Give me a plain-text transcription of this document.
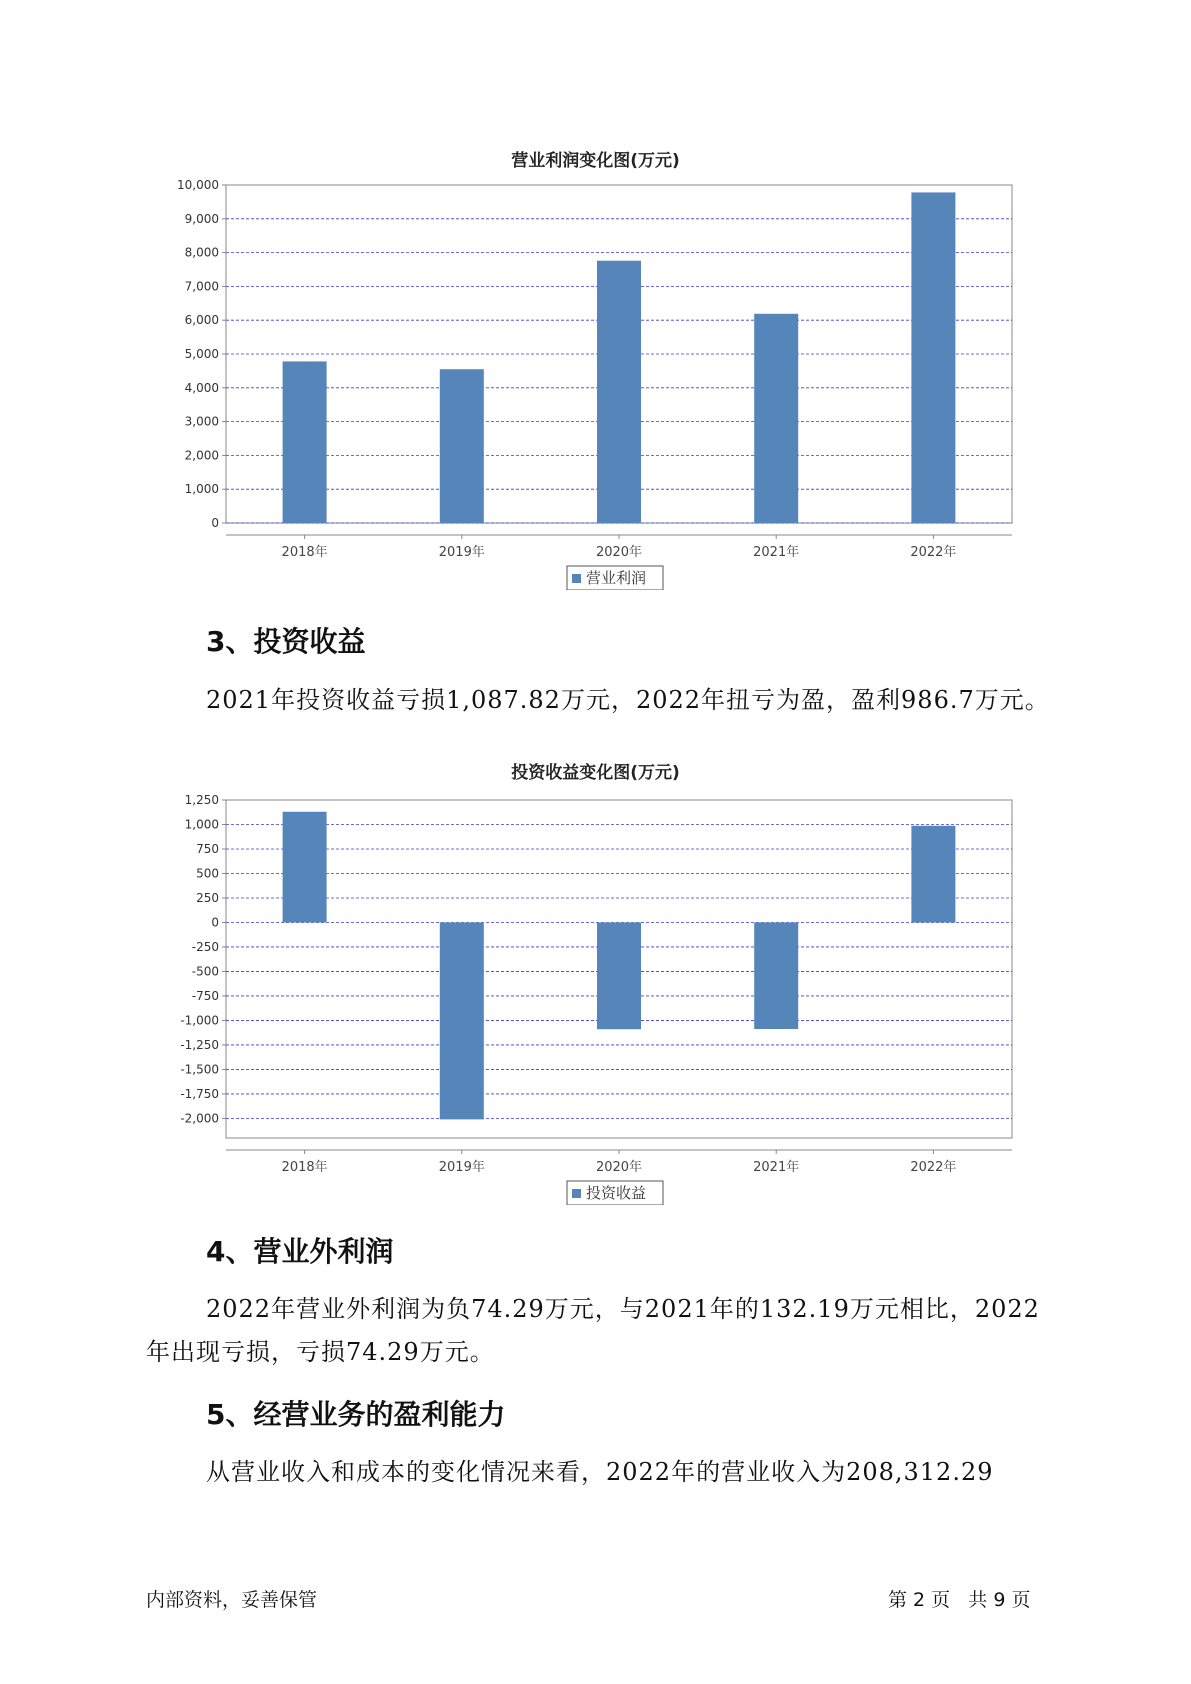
营业利润变化图(万元)
0
1,000
2,000
3,000
4,000
5,000
6,000
7,000
8,000
9,000
10,000
2018年	2019年	2020年	2021年	2022年
营业利润
3、投资收益
2021年投资收益亏损1,087.82万元，2022年扭亏为盈，盈利986.7万元。
投资收益变化图(万元)
1,250
1,000
750
500
250
0
-250
-500
-750
-1,000
-1,250
-1,500
-1,750
-2,000
2018年	2019年	2020年	2021年	2022年
投资收益
4、营业外利润
2022年营业外利润为负74.29万元，与2021年的132.19万元相比，2022
年出现亏损，亏损74.29万元。
5、经营业务的盈利能力
从营业收入和成本的变化情况来看，2022年的营业收入为208,312.29
内部资料，妥善保管	第 2 页   共 9 页
